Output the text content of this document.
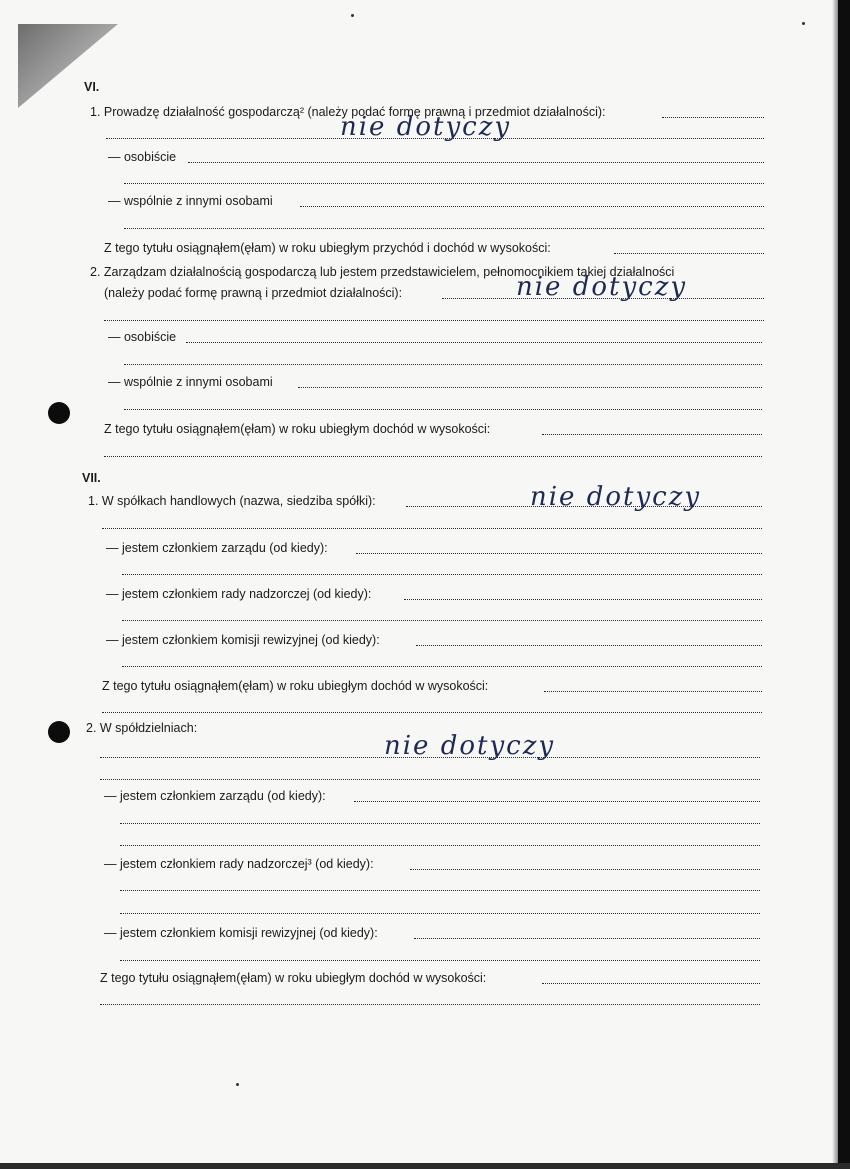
VI.
1. Prowadzę działalność gospodarczą² (należy podać formę prawną i przedmiot działalności):
nie dotyczy
— osobiście
— wspólnie z innymi osobami
Z tego tytułu osiągnąłem(ęłam) w roku ubiegłym przychód i dochód w wysokości:
2. Zarządzam działalnością gospodarczą lub jestem przedstawicielem, pełnomocnikiem takiej działalności
(należy podać formę prawną i przedmiot działalności):	nie dotyczy
— osobiście
— wspólnie z innymi osobami
Z tego tytułu osiągnąłem(ęłam) w roku ubiegłym dochód w wysokości:
VII.
1. W spółkach handlowych (nazwa, siedziba spółki):	nie dotyczy
— jestem członkiem zarządu (od kiedy):
— jestem członkiem rady nadzorczej (od kiedy):
— jestem członkiem komisji rewizyjnej (od kiedy):
Z tego tytułu osiągnąłem(ęłam) w roku ubiegłym dochód w wysokości:
2. W spółdzielniach:
nie dotyczy
— jestem członkiem zarządu (od kiedy):
— jestem członkiem rady nadzorczej³ (od kiedy):
— jestem członkiem komisji rewizyjnej (od kiedy):
Z tego tytułu osiągnąłem(ęłam) w roku ubiegłym dochód w wysokości:
